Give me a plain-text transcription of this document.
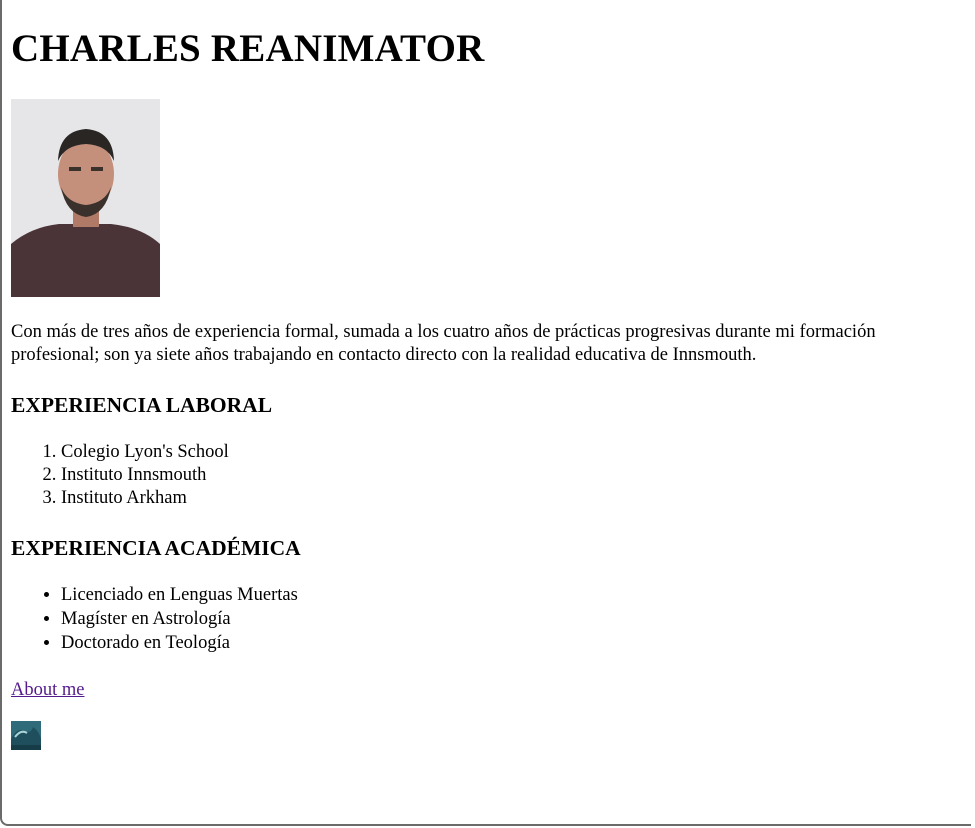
CHARLES REANIMATOR

Con más de tres años de experiencia formal, sumada a los cuatro años de prácticas progresivas durante mi formación profesional; son ya siete años trabajando en contacto directo con la realidad educativa de Innsmouth.

EXPERIENCIA LABORAL
1. Colegio Lyon's School
2. Instituto Innsmouth
3. Instituto Arkham
EXPERIENCIA ACADÉMICA
• Licenciado en Lenguas Muertas
• Magíster en Astrología
• Doctorado en Teología
About me
